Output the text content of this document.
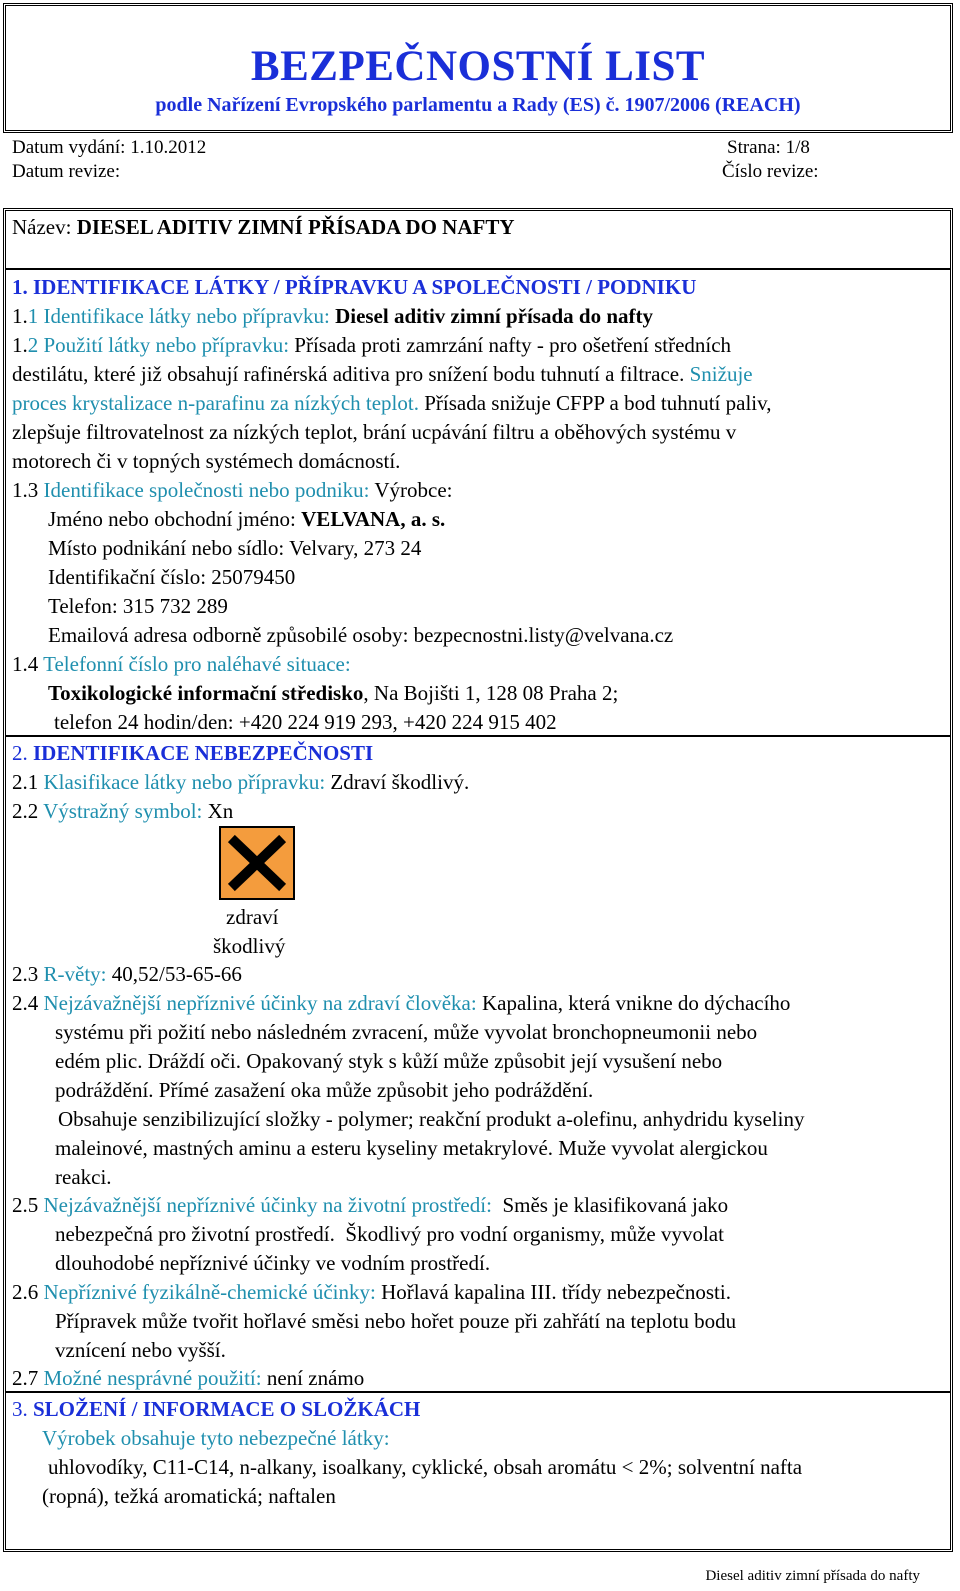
BEZPEČNOSTNÍ LIST
podle Nařízení Evropského parlamentu a Rady (ES) č. 1907/2006 (REACH)
Datum vydání: 1.10.2012
Datum revize:
Strana: 1/8
Číslo revize:
Název: DIESEL ADITIV ZIMNÍ PŘÍSADA DO NAFTY
1. IDENTIFIKACE LÁTKY / PŘÍPRAVKU A SPOLEČNOSTI / PODNIKU
1.1 Identifikace látky nebo přípravku: Diesel aditiv zimní přísada do nafty
1.2 Použití látky nebo přípravku: Přísada proti zamrzání nafty - pro ošetření středních
destilátu, které již obsahují rafinérská aditiva pro snížení bodu tuhnutí a filtrace. Snižuje
proces krystalizace n-parafinu za nízkých teplot. Přísada snižuje CFPP a bod tuhnutí paliv,
zlepšuje filtrovatelnost za nízkých teplot, brání ucpávání filtru a oběhových systému v
motorech či v topných systémech domácností.
1.3 Identifikace společnosti nebo podniku: Výrobce:
Jméno nebo obchodní jméno: VELVANA, a. s.
Místo podnikání nebo sídlo: Velvary, 273 24
Identifikační číslo: 25079450
Telefon: 315 732 289
Emailová adresa odborně způsobilé osoby: bezpecnostni.listy@velvana.cz
1.4 Telefonní číslo pro naléhavé situace:
Toxikologické informační středisko, Na Bojišti 1, 128 08 Praha 2;
telefon 24 hodin/den: +420 224 919 293, +420 224 915 402
2. IDENTIFIKACE NEBEZPEČNOSTI
2.1 Klasifikace látky nebo přípravku: Zdraví škodlivý.
2.2 Výstražný symbol: Xn
zdraví
škodlivý
2.3 R-věty: 40,52/53-65-66
2.4 Nejzávažnější nepříznivé účinky na zdraví člověka: Kapalina, která vnikne do dýchacího
systému při požití nebo následném zvracení, může vyvolat bronchopneumonii nebo
edém plic. Dráždí oči. Opakovaný styk s kůží může způsobit její vysušení nebo
podráždění. Přímé zasažení oka může způsobit jeho podráždění.
Obsahuje senzibilizující složky - polymer; reakční produkt a-olefinu, anhydridu kyseliny
maleinové, mastných aminu a esteru kyseliny metakrylové. Muže vyvolat alergickou
reakci.
2.5 Nejzávažnější nepříznivé účinky na životní prostředí:  Směs je klasifikovaná jako
nebezpečná pro životní prostředí.  Škodlivý pro vodní organismy, může vyvolat
dlouhodobé nepříznivé účinky ve vodním prostředí.
2.6 Nepříznivé fyzikálně-chemické účinky: Hořlavá kapalina III. třídy nebezpečnosti.
Přípravek může tvořit hořlavé směsi nebo hořet pouze při zahřátí na teplotu bodu
vznícení nebo vyšší.
2.7 Možné nesprávné použití: není známo
3. SLOŽENÍ / INFORMACE O SLOŽKÁCH
Výrobek obsahuje tyto nebezpečné látky:
uhlovodíky, C11-C14, n-alkany, isoalkany, cyklické, obsah aromátu < 2%; solventní nafta
(ropná), težká aromatická; naftalen
Diesel aditiv zimní přísada do nafty
